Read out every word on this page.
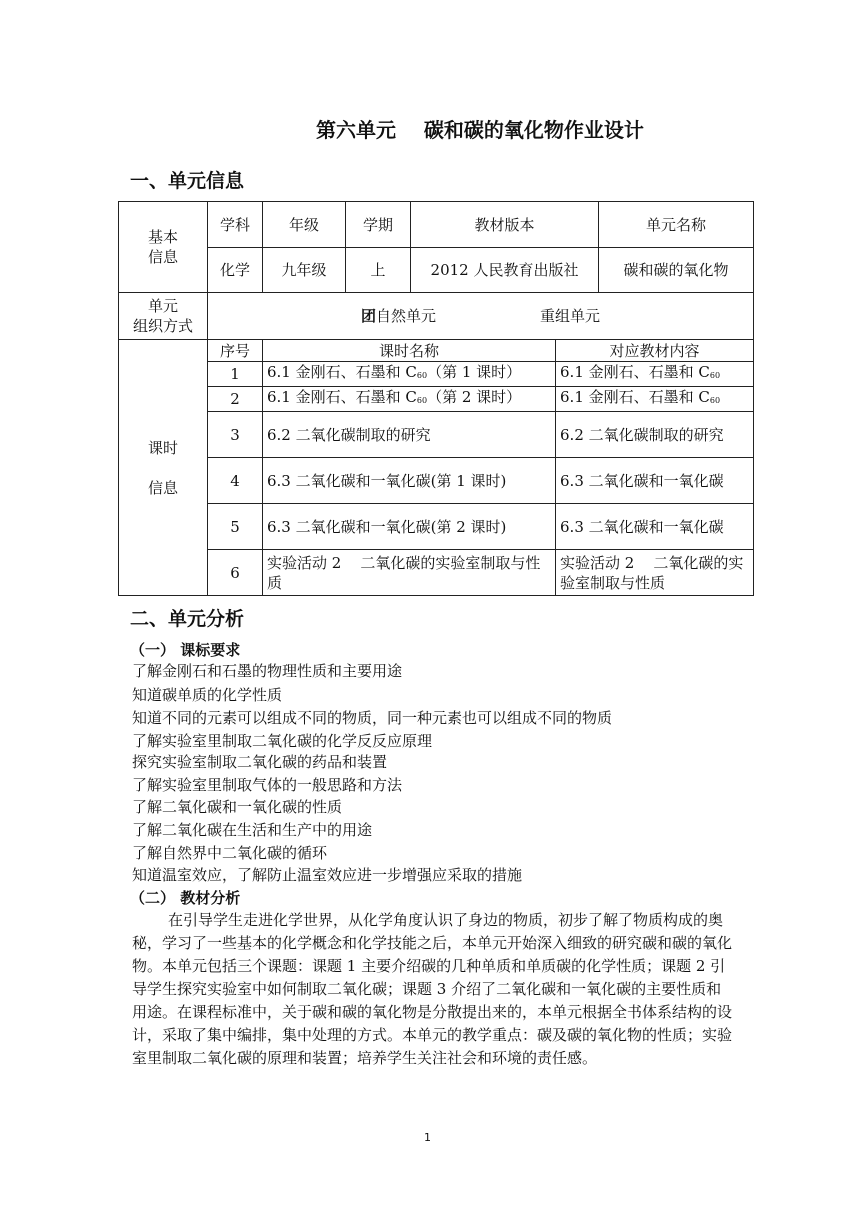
第六单元    碳和碳的氧化物作业设计
一、单元信息
基本
信息	学科	年级	学期	教材版本		单元名称
	化学	九年级	上	2012 人民教育出版社		碳和碳的氧化物
单元
组织方式	团自然单元 重组单元					
课时

信息	序号	课时名称			对应教材内容	
	1	6.1 金刚石、石墨和 $C_{60}$（第 1 课时）			6.1 金刚石、石墨和 $C_{60}$
	2	6.1 金刚石、石墨和 $C_{60}$（第 2 课时）			6.1 金刚石、石墨和 $C_{60}$
	3	6.2 二氧化碳制取的研究			6.2 二氧化碳制取的研究	
	4	6.3 二氧化碳和一氧化碳(第 1 课时)			6.3 二氧化碳和一氧化碳	
	5	6.3 二氧化碳和一氧化碳(第 2 课时)			6.3 二氧化碳和一氧化碳	
	6	实验活动 2    二氧化碳的实验室制取与性质			实验活动 2    二氧化碳的实验室制取与性质	
二、单元分析
（一） 课标要求
了解金刚石和石墨的物理性质和主要用途
知道碳单质的化学性质
知道不同的元素可以组成不同的物质，同一种元素也可以组成不同的物质
了解实验室里制取二氧化碳的化学反反应原理
探究实验室制取二氧化碳的药品和装置
了解实验室里制取气体的一般思路和方法
了解二氧化碳和一氧化碳的性质
了解二氧化碳在生活和生产中的用途
了解自然界中二氧化碳的循环
知道温室效应，了解防止温室效应进一步增强应采取的措施
（二） 教材分析
在引导学生走进化学世界，从化学角度认识了身边的物质，初步了解了物质构成的奥秘，学习了一些基本的化学概念和化学技能之后，本单元开始深入细致的研究碳和碳的氧化物。本单元包括三个课题：课题 1 主要介绍碳的几种单质和单质碳的化学性质；课题 2 引导学生探究实验室中如何制取二氧化碳；课题 3 介绍了二氧化碳和一氧化碳的主要性质和用途。在课程标准中，关于碳和碳的氧化物是分散提出来的，本单元根据全书体系结构的设计，采取了集中编排，集中处理的方式。本单元的教学重点：碳及碳的氧化物的性质；实验室里制取二氧化碳的原理和装置；培养学生关注社会和环境的责任感。
1
